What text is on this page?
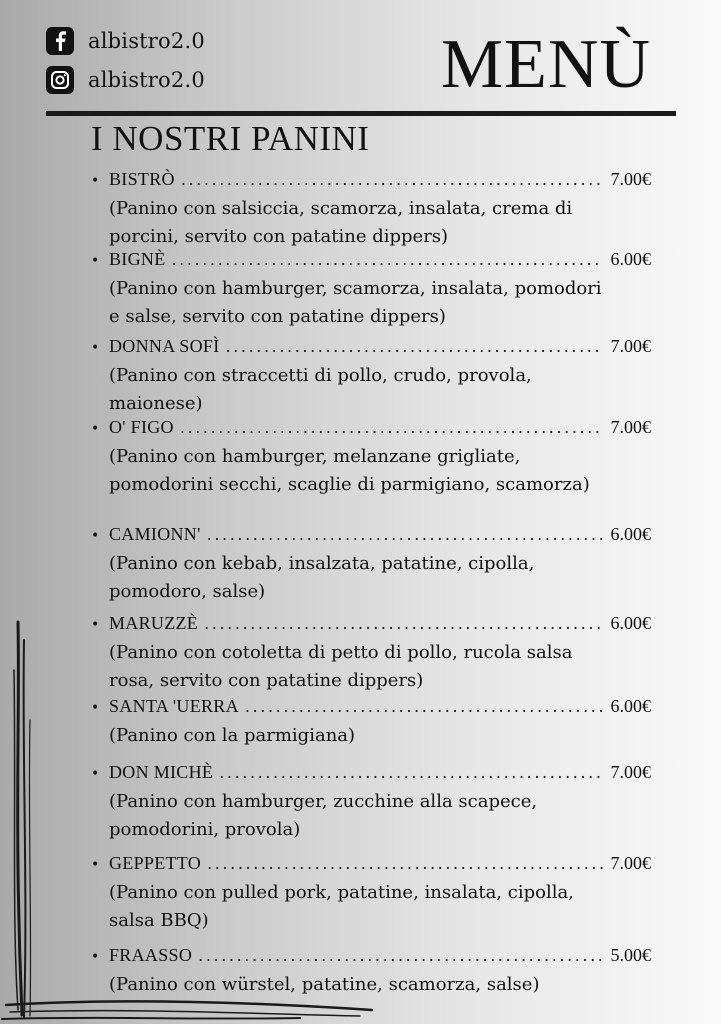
albistro2.0
albistro2.0	MENÙ
I NOSTRI PANINI
• BISTRÒ .....	7.00€
(Panino con salsiccia, scamorza, insalata, crema di porcini, servito con patatine dippers)
• BIGNÈ .....	6.00€
(Panino con hamburger, scamorza, insalata, pomodori e salse, servito con patatine dippers)
• DONNA SOFÌ .....	7.00€
(Panino con straccetti di pollo, crudo, provola, maionese)
• O' FIGO .....	7.00€
(Panino con hamburger, melanzane grigliate, pomodorini secchi, scaglie di parmigiano, scamorza)
• CAMIONN' .....	6.00€
(Panino con kebab, insalzata, patatine, cipolla, pomodoro, salse)
• MARUZZÈ .....	6.00€
(Panino con cotoletta di petto di pollo, rucola salsa rosa, servito con patatine dippers)
• SANTA 'UERRA .....	6.00€
(Panino con la parmigiana)
• DON MICHÈ .....	7.00€
(Panino con hamburger, zucchine alla scapece, pomodorini, provola)
• GEPPETTO .....	7.00€
(Panino con pulled pork, patatine, insalata, cipolla, salsa BBQ)
• FRAASSO .....	5.00€
(Panino con würstel, patatine, scamorza, salse)
